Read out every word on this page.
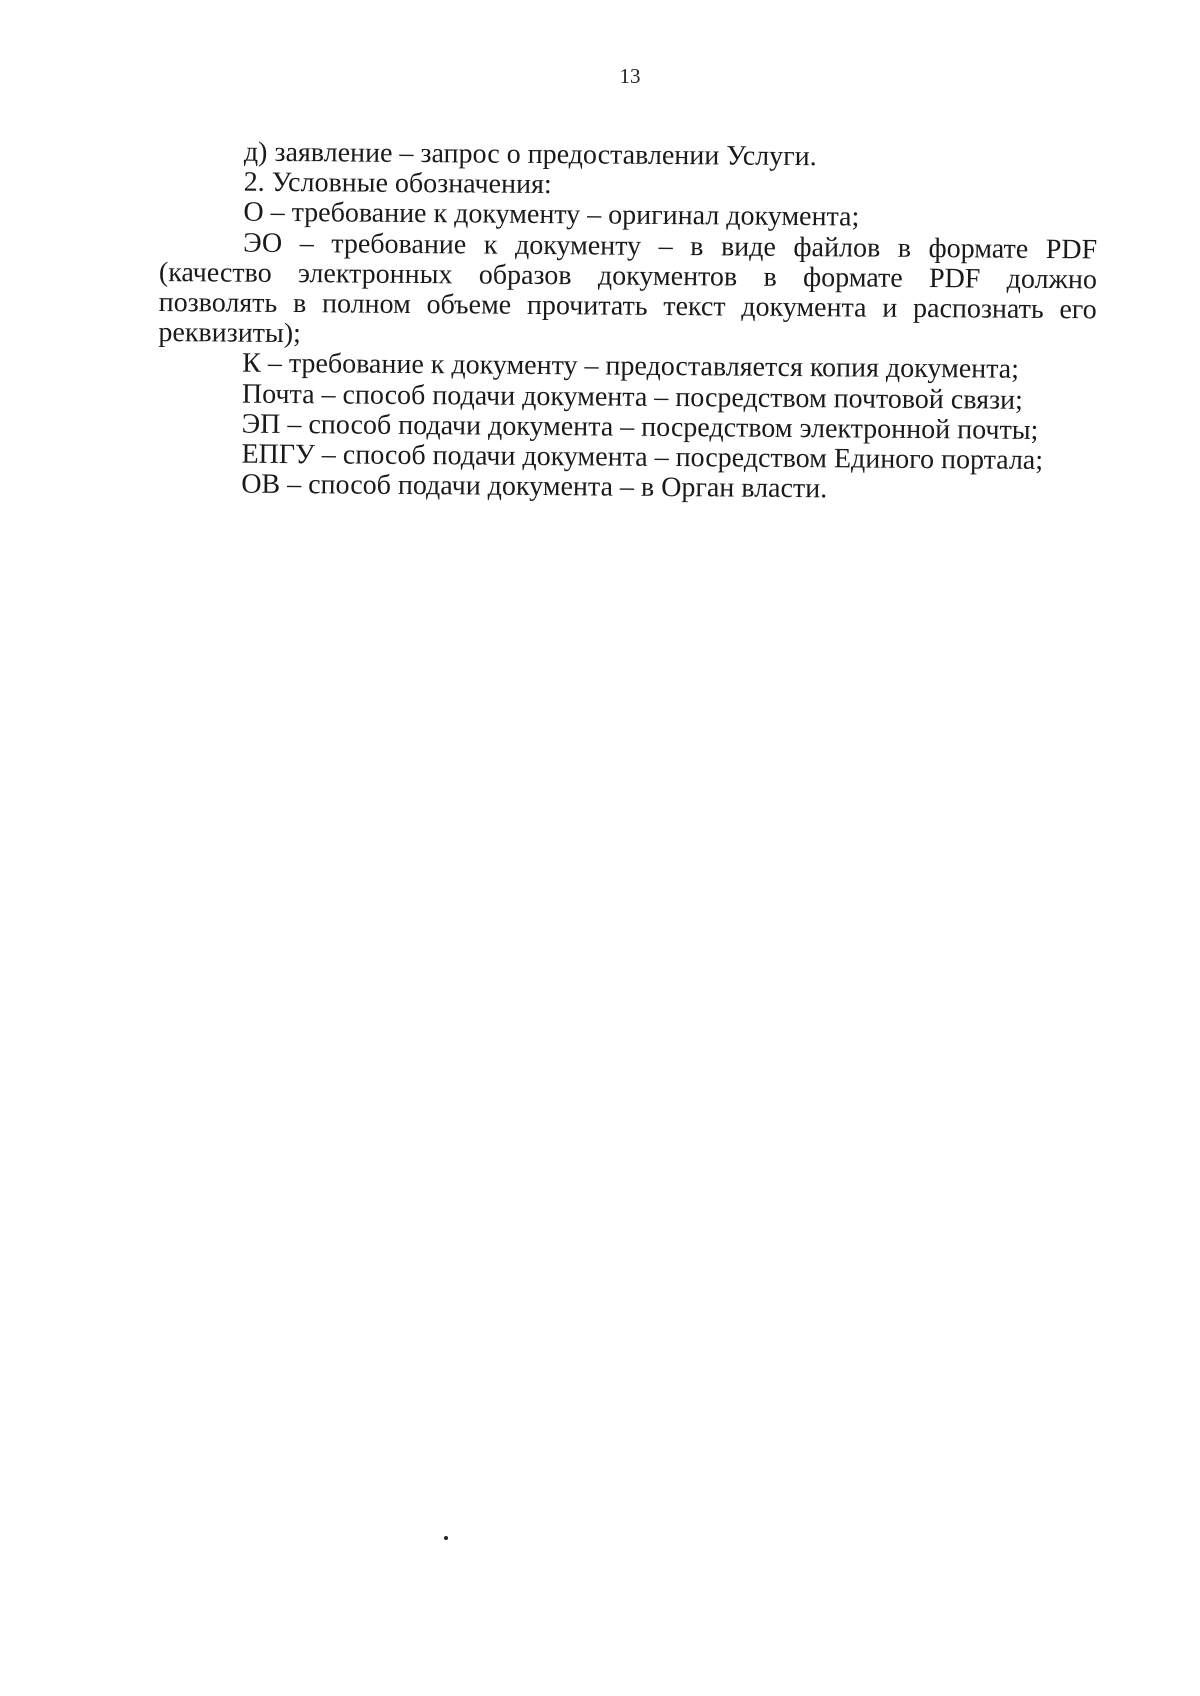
13
д) заявление – запрос о предоставлении Услуги.
2. Условные обозначения:
О – требование к документу – оригинал документа;
ЭО – требование к документу – в виде файлов в формате PDF
(качество электронных образов документов в формате PDF должно
позволять в полном объеме прочитать текст документа и распознать его
реквизиты);
К – требование к документу – предоставляется копия документа;
Почта – способ подачи документа – посредством почтовой связи;
ЭП – способ подачи документа – посредством электронной почты;
ЕПГУ – способ подачи документа – посредством Единого портала;
ОВ – способ подачи документа – в Орган власти.
